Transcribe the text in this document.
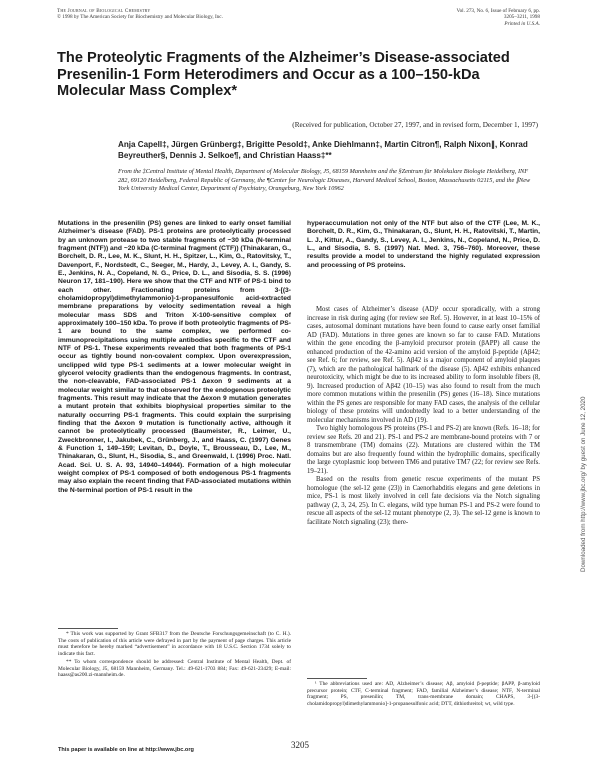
The Journal of Biological Chemistry
© 1998 by The American Society for Biochemistry and Molecular Biology, Inc.
Vol. 273, No. 6, Issue of February 6, pp. 3205–3211, 1998
Printed in U.S.A.
The Proteolytic Fragments of the Alzheimer’s Disease-associated Presenilin-1 Form Heterodimers and Occur as a 100–150-kDa Molecular Mass Complex*
(Received for publication, October 27, 1997, and in revised form, December 1, 1997)
Anja Capell‡, Jürgen Grünberg‡, Brigitte Pesold‡, Anke Diehlmann‡, Martin Citron¶, Ralph Nixon∥, Konrad Beyreuther§, Dennis J. Selkoe¶, and Christian Haass‡**
From the ‡Central Institute of Mental Health, Department of Molecular Biology, J5, 68159 Mannheim and the §Zentrum für Molekulare Biologie Heidelberg, INF 282, 69120 Heidelberg, Federal Republic of Germany, the ¶Center for Neurologic Diseases, Harvard Medical School, Boston, Massachusetts 02115, and the ∥New York University Medical Center, Department of Psychiatry, Orangeburg, New York 10962
Mutations in the presenilin (PS) genes are linked to early onset familial Alzheimer’s disease (FAD). PS-1 proteins are proteolytically processed by an unknown protease to two stable fragments of ~30 kDa (N-terminal fragment (NTF)) and ~20 kDa (C-terminal fragment (CTF)) (Thinakaran, G., Borchelt, D. R., Lee, M. K., Slunt, H. H., Spitzer, L., Kim, G., Ratovitsky, T., Davenport, F., Nordstedt, C., Seeger, M., Hardy, J., Levey, A. I., Gandy, S. E., Jenkins, N. A., Copeland, N. G., Price, D. L., and Sisodia, S. S. (1996) Neuron 17, 181–190). Here we show that the CTF and NTF of PS-1 bind to each other. Fractionating proteins from 3-[(3-cholamidopropyl)dimethylammonio]-1-propanesulfonic acid-extracted membrane preparations by velocity sedimentation reveal a high molecular mass SDS and Triton X-100-sensitive complex of approximately 100–150 kDa. To prove if both proteolytic fragments of PS-1 are bound to the same complex, we performed co-immunoprecipitations using multiple antibodies specific to the CTF and NTF of PS-1. These experiments revealed that both fragments of PS-1 occur as tightly bound non-covalent complex. Upon overexpression, unclipped wild type PS-1 sediments at a lower molecular weight in glycerol velocity gradients than the endogenous fragments. In contrast, the non-cleavable, FAD-associated PS-1 Δexon 9 sediments at a molecular weight similar to that observed for the endogenous proteolytic fragments. This result may indicate that the Δexon 9 mutation generates a mutant protein that exhibits biophysical properties similar to the naturally occurring PS-1 fragments. This could explain the surprising finding that the Δexon 9 mutation is functionally active, although it cannot be proteolytically processed (Baumeister, R., Leimer, U., Zweckbronner, I., Jakubek, C., Grünberg, J., and Haass, C. (1997) Genes & Function 1, 149–159; Levitan, D., Doyle, T., Brousseau, D., Lee, M., Thinakaran, G., Slunt, H., Sisodia, S., and Greenwald, I. (1996) Proc. Natl. Acad. Sci. U. S. A. 93, 14940–14944). Formation of a high molecular weight complex of PS-1 composed of both endogenous PS-1 fragments may also explain the recent finding that FAD-associated mutations within the N-terminal portion of PS-1 result in the
hyperaccumulation not only of the NTF but also of the CTF (Lee, M. K., Borchelt, D. R., Kim, G., Thinakaran, G., Slunt, H. H., Ratovitski, T., Martin, L. J., Kittur, A., Gandy, S., Levey, A. I., Jenkins, N., Copeland, N., Price, D. L., and Sisodia, S. S. (1997) Nat. Med. 3, 756–760). Moreover, these results provide a model to understand the highly regulated expression and processing of PS proteins.

Most cases of Alzheimer’s disease (AD)¹ occur sporadically, with a strong increase in risk during aging (for review see Ref. 5). However, in at least 10–15% of cases, autosomal dominant mutations have been found to cause early onset familial AD (FAD). Mutations in three genes are known so far to cause FAD. Mutations within the gene encoding the β-amyloid precursor protein (βAPP) all cause the enhanced production of the 42-amino acid version of the amyloid β-peptide (Aβ42; see Ref. 6; for review, see Ref. 5). Aβ42 is a major component of amyloid plaques (7), which are the pathological hallmark of the disease (5). Aβ42 exhibits enhanced neurotoxicity, which might be due to its increased ability to form insoluble fibers (8, 9). Increased production of Aβ42 (10–15) was also found to result from the much more common mutations within the presenilin (PS) genes (16–18). Since mutations within the PS genes are responsible for many FAD cases, the analysis of the cellular biology of these proteins will undoubtedly lead to a better understanding of the molecular mechanisms involved in AD (19).

Two highly homologous PS proteins (PS-1 and PS-2) are known (Refs. 16–18; for review see Refs. 20 and 21). PS-1 and PS-2 are membrane-bound proteins with 7 or 8 transmembrane (TM) domains (22). Mutations are clustered within the TM domains but are also frequently found within the hydrophilic domains, specifically the large cytoplasmic loop between TM6 and putative TM7 (22; for review see Refs. 19–21).

Based on the results from genetic rescue experiments of the mutant PS homologue (the sel-12 gene (23)) in Caenorhabditis elegans and gene deletions in mice, PS-1 is most likely involved in cell fate decisions via the Notch signaling pathway (2, 3, 24, 25). In C. elegans, wild type human PS-1 and PS-2 were found to rescue all aspects of the sel-12 mutant phenotype (2, 3). The sel-12 gene is known to facilitate Notch signaling (23); there-

* This work was supported by Grant SFB317 from the Deutsche Forschungsgemeinschaft (to C. H.). The costs of publication of this article were defrayed in part by the payment of page charges. This article must therefore be hereby marked “advertisement” in accordance with 18 U.S.C. Section 1734 solely to indicate this fact.

** To whom correspondence should be addressed: Central Institute of Mental Health, Dept. of Molecular Biology, J5, 68159 Mannheim, Germany. Tel.: 49-621-1703 884; Fax: 49-621-23429; E-mail: haass@as200.zi-mannheim.de.

¹ The abbreviations used are: AD, Alzheimer’s disease; Aβ, amyloid β-peptide; βAPP, β-amyloid precursor protein; CTF, C-terminal fragment; FAD, familial Alzheimer’s disease; NTF, N-terminal fragment; PS, presenilin; TM, trans-membrane domain; CHAPS, 3-[(3-cholamidopropyl)dimethylammonio]-1-propanesulfonic acid; DTT, dithiothreitol; wt, wild type.

This paper is available on line at http://www.jbc.org	3205
Downloaded from http://www.jbc.org/ by guest on June 12, 2020
